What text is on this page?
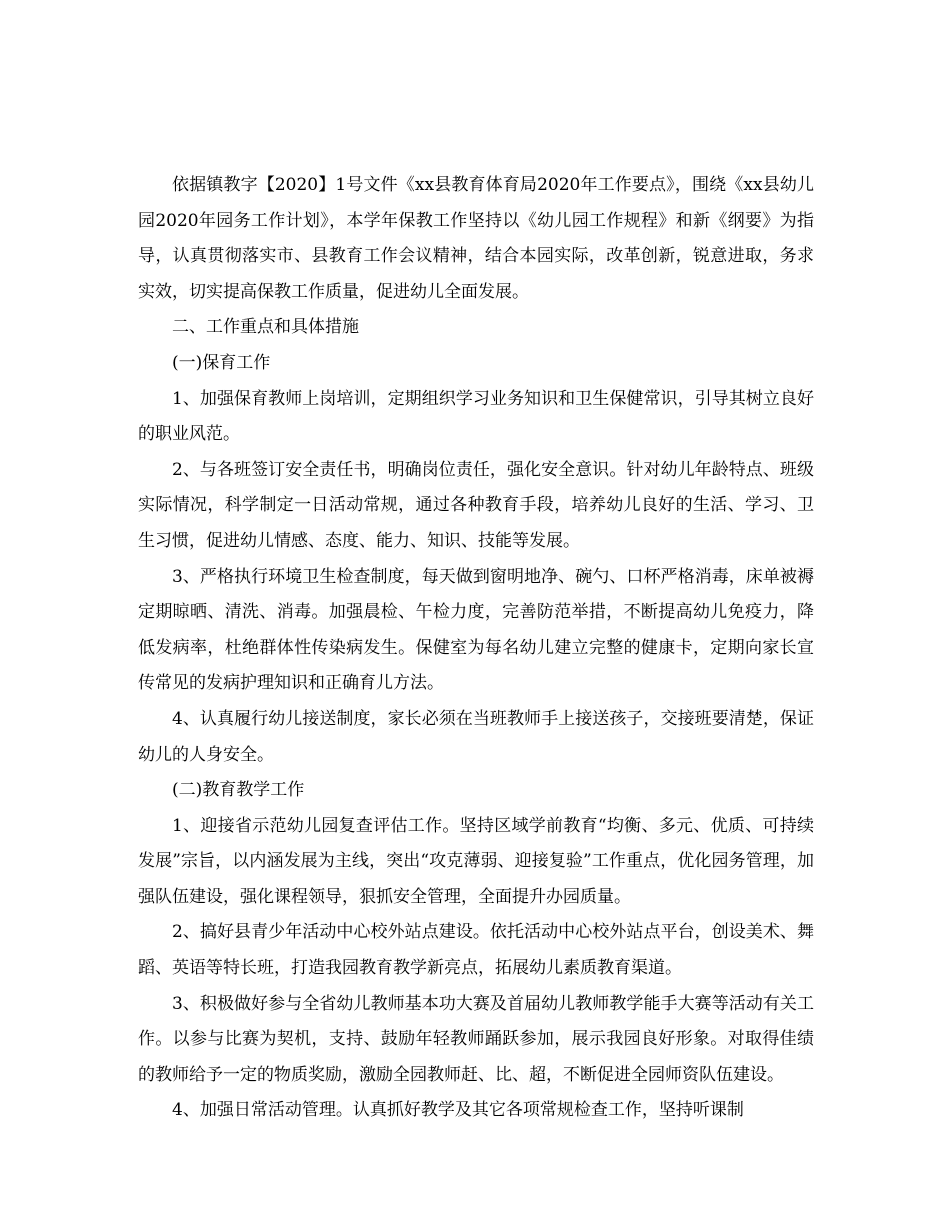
依据镇教字【2020】1号文件《xx县教育体育局2020年工作要点》，围绕《xx县幼儿园2020年园务工作计划》，本学年保教工作坚持以《幼儿园工作规程》和新《纲要》为指导，认真贯彻落实市、县教育工作会议精神，结合本园实际，改革创新，锐意进取，务求实效，切实提高保教工作质量，促进幼儿全面发展。

二、工作重点和具体措施

(一)保育工作

1、加强保育教师上岗培训，定期组织学习业务知识和卫生保健常识，引导其树立良好的职业风范。

2、与各班签订安全责任书，明确岗位责任，强化安全意识。针对幼儿年龄特点、班级实际情况，科学制定一日活动常规，通过各种教育手段，培养幼儿良好的生活、学习、卫生习惯，促进幼儿情感、态度、能力、知识、技能等发展。

3、严格执行环境卫生检查制度，每天做到窗明地净、碗勺、口杯严格消毒，床单被褥定期晾晒、清洗、消毒。加强晨检、午检力度，完善防范举措，不断提高幼儿免疫力，降低发病率，杜绝群体性传染病发生。保健室为每名幼儿建立完整的健康卡，定期向家长宣传常见的发病护理知识和正确育儿方法。

4、认真履行幼儿接送制度，家长必须在当班教师手上接送孩子，交接班要清楚，保证幼儿的人身安全。

(二)教育教学工作

1、迎接省示范幼儿园复查评估工作。坚持区域学前教育“均衡、多元、优质、可持续发展”宗旨，以内涵发展为主线，突出“攻克薄弱、迎接复验”工作重点，优化园务管理，加强队伍建设，强化课程领导，狠抓安全管理，全面提升办园质量。

2、搞好县青少年活动中心校外站点建设。依托活动中心校外站点平台，创设美术、舞蹈、英语等特长班，打造我园教育教学新亮点，拓展幼儿素质教育渠道。

3、积极做好参与全省幼儿教师基本功大赛及首届幼儿教师教学能手大赛等活动有关工作。以参与比赛为契机，支持、鼓励年轻教师踊跃参加，展示我园良好形象。对取得佳绩的教师给予一定的物质奖励，激励全园教师赶、比、超，不断促进全园师资队伍建设。

4、加强日常活动管理。认真抓好教学及其它各项常规检查工作，坚持听课制
